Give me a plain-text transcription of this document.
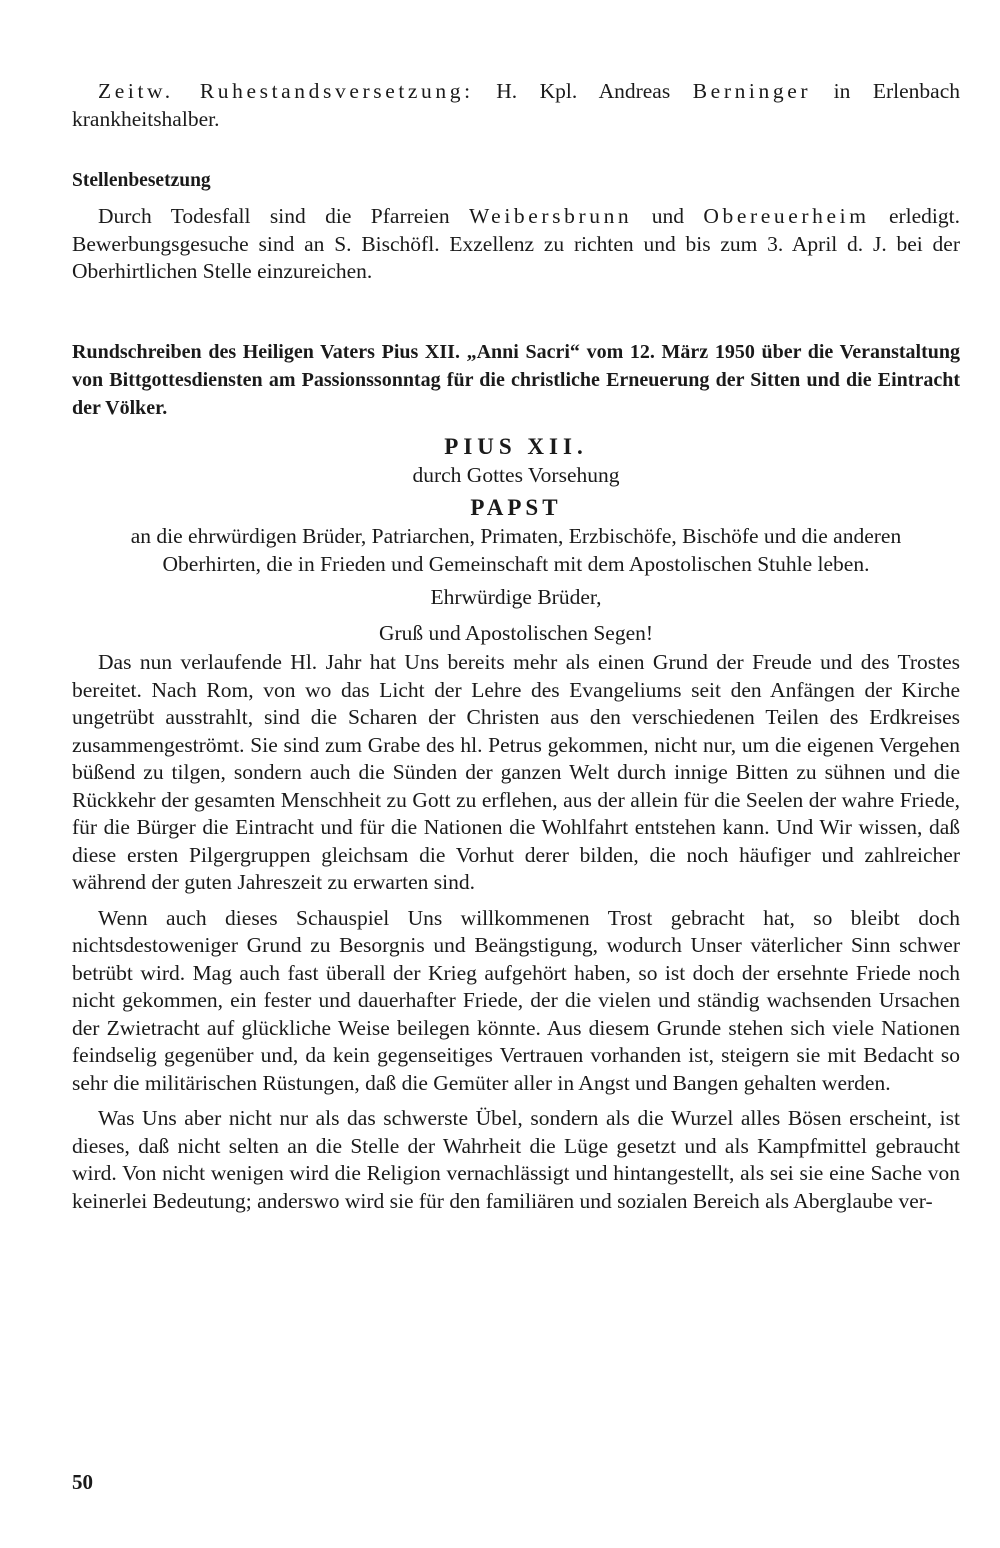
Zeitw. Ruhestandsversetzung: H. Kpl. Andreas Berninger in Erlenbach krankheitshalber.

Stellenbesetzung

Durch Todesfall sind die Pfarreien Weibersbrunn und Obereuerheim erledigt. Bewerbungsgesuche sind an S. Bischöfl. Exzellenz zu richten und bis zum 3. April d. J. bei der Oberhirtlichen Stelle einzureichen.

Rundschreiben des Heiligen Vaters Pius XII. „Anni Sacri“ vom 12. März 1950 über die Veranstaltung von Bittgottesdiensten am Passionssonntag für die christliche Erneuerung der Sitten und die Eintracht der Völker.

PIUS XII.

durch Gottes Vorsehung

PAPST

an die ehrwürdigen Brüder, Patriarchen, Primaten, Erzbischöfe, Bischöfe und die anderen Oberhirten, die in Frieden und Gemeinschaft mit dem Apostolischen Stuhle leben.

Ehrwürdige Brüder,

Gruß und Apostolischen Segen!

Das nun verlaufende Hl. Jahr hat Uns bereits mehr als einen Grund der Freude und des Trostes bereitet. Nach Rom, von wo das Licht der Lehre des Evangeliums seit den Anfängen der Kirche ungetrübt ausstrahlt, sind die Scharen der Christen aus den verschiedenen Teilen des Erdkreises zusammengeströmt. Sie sind zum Grabe des hl. Petrus gekommen, nicht nur, um die eigenen Vergehen büßend zu tilgen, sondern auch die Sünden der ganzen Welt durch innige Bitten zu sühnen und die Rückkehr der gesamten Menschheit zu Gott zu erflehen, aus der allein für die Seelen der wahre Friede, für die Bürger die Eintracht und für die Nationen die Wohlfahrt entstehen kann. Und Wir wissen, daß diese ersten Pilgergruppen gleichsam die Vorhut derer bilden, die noch häufiger und zahlreicher während der guten Jahreszeit zu erwarten sind.

Wenn auch dieses Schauspiel Uns willkommenen Trost gebracht hat, so bleibt doch nichtsdestoweniger Grund zu Besorgnis und Beängstigung, wodurch Unser väterlicher Sinn schwer betrübt wird. Mag auch fast überall der Krieg aufgehört haben, so ist doch der ersehnte Friede noch nicht gekommen, ein fester und dauerhafter Friede, der die vielen und ständig wachsenden Ursachen der Zwietracht auf glückliche Weise beilegen könnte. Aus diesem Grunde stehen sich viele Nationen feindselig gegenüber und, da kein gegenseitiges Vertrauen vorhanden ist, steigern sie mit Bedacht so sehr die militärischen Rüstungen, daß die Gemüter aller in Angst und Bangen gehalten werden.

Was Uns aber nicht nur als das schwerste Übel, sondern als die Wurzel alles Bösen erscheint, ist dieses, daß nicht selten an die Stelle der Wahrheit die Lüge gesetzt und als Kampfmittel gebraucht wird. Von nicht wenigen wird die Religion vernachlässigt und hintangestellt, als sei sie eine Sache von keinerlei Bedeutung; anderswo wird sie für den familiären und sozialen Bereich als Aberglaube ver-

50
